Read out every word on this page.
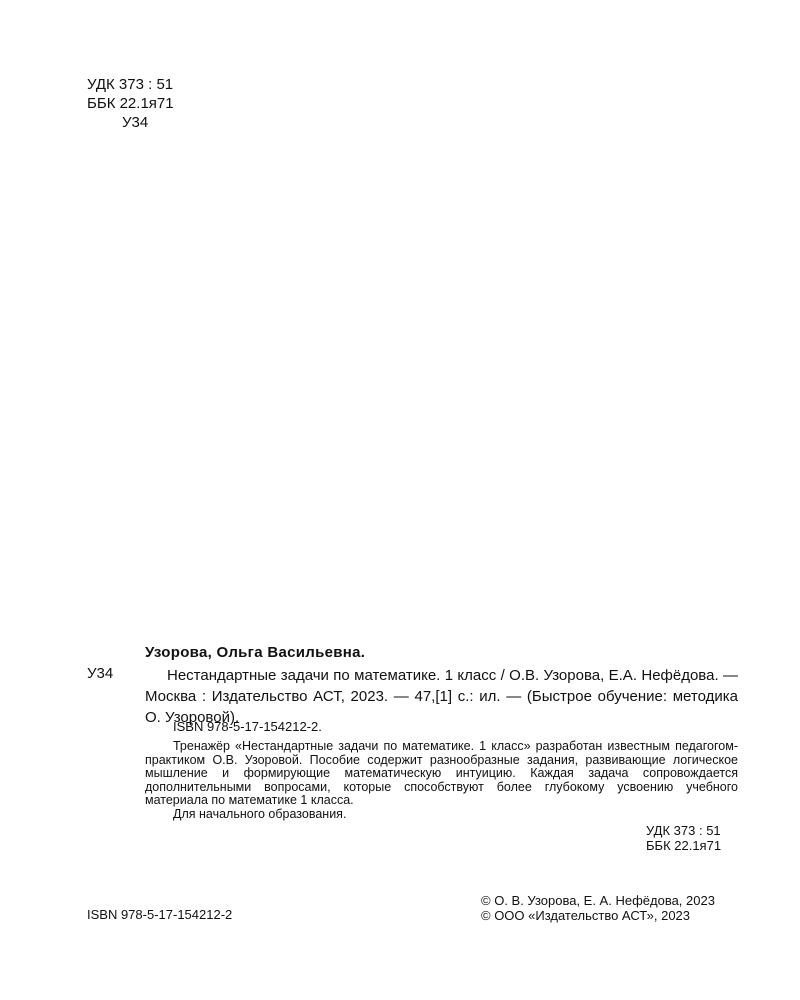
УДК 373 : 51
ББК 22.1я71
У34
Узорова, Ольга Васильевна.
У34	Нестандартные задачи по математике. 1 класс / О.В. Узорова, Е.А. Нефёдова. — Москва : Издательство АСТ, 2023. — 47,[1] с.: ил. — (Быстрое обучение: методика О. Узоровой).
ISBN 978-5-17-154212-2.

Тренажёр «Нестандартные задачи по математике. 1 класс» разработан известным педагогом-практиком О.В. Узоровой. Пособие содержит разнообразные задания, развивающие логическое мышление и формирующие математическую интуицию. Каждая задача сопровождается дополнительными вопросами, которые способствуют более глубокому усвоению учебного материала по математике 1 класса.

Для начального образования.

УДК 373 : 51
ББК 22.1я71
© О. В. Узорова, Е. А. Нефёдова, 2023
© ООО «Издательство АСТ», 2023
ISBN 978-5-17-154212-2
